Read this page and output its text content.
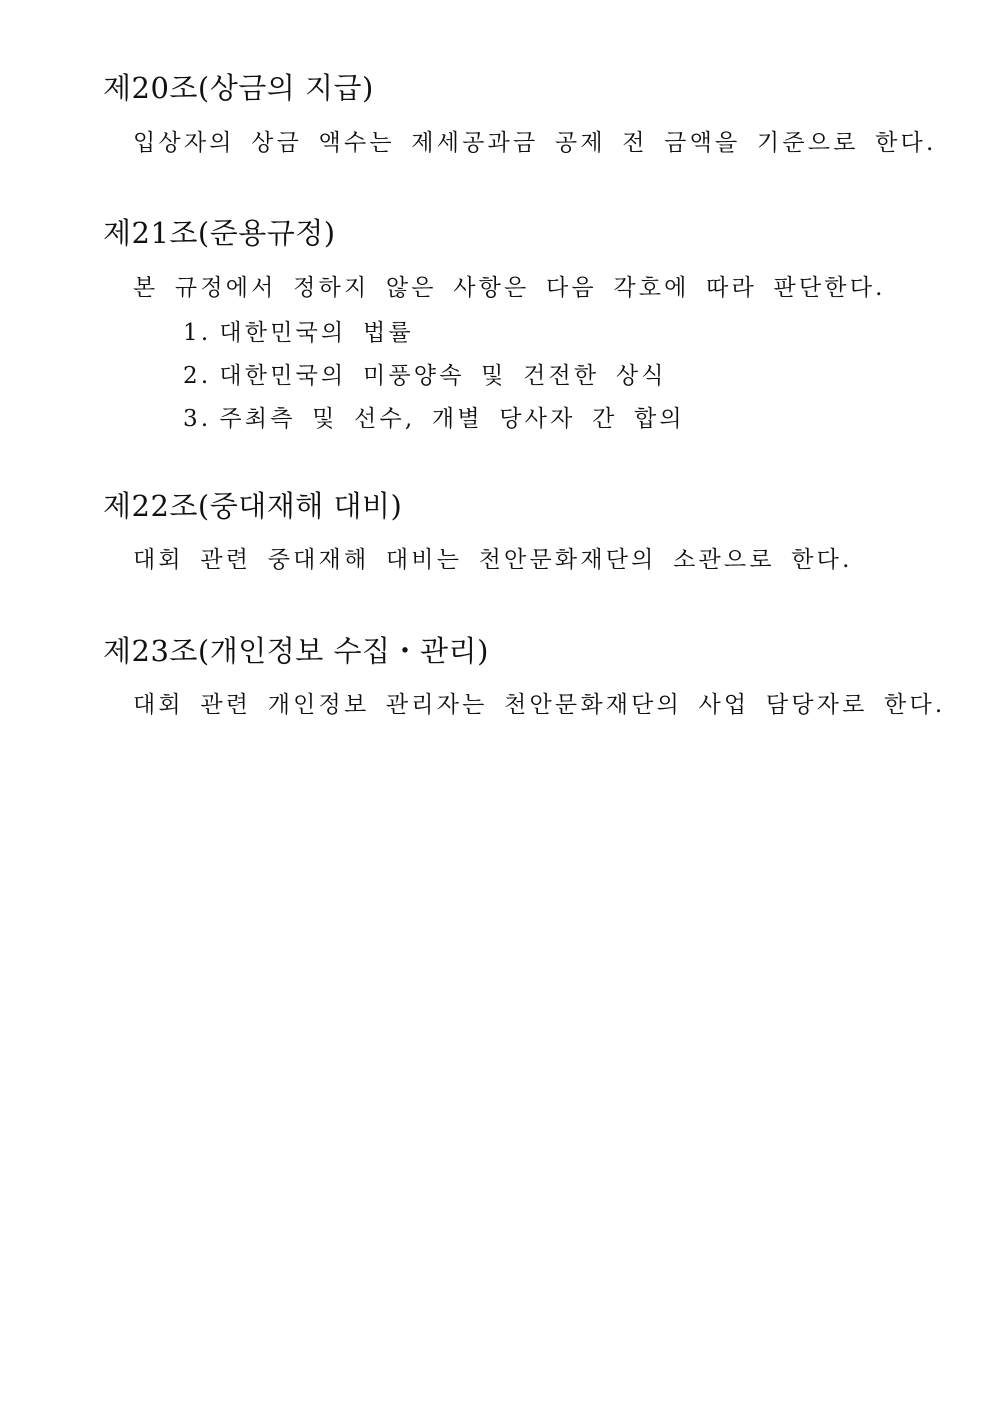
제20조(상금의 지급)

입상자의 상금 액수는 제세공과금 공제 전 금액을 기준으로 한다.

제21조(준용규정)

본 규정에서 정하지 않은 사항은 다음 각호에 따라 판단한다.

1. 대한민국의 법률

2. 대한민국의 미풍양속 및 건전한 상식

3. 주최측 및 선수, 개별 당사자 간 합의

제22조(중대재해 대비)

대회 관련 중대재해 대비는 천안문화재단의 소관으로 한다.

제23조(개인정보 수집・관리)

대회 관련 개인정보 관리자는 천안문화재단의 사업 담당자로 한다.
